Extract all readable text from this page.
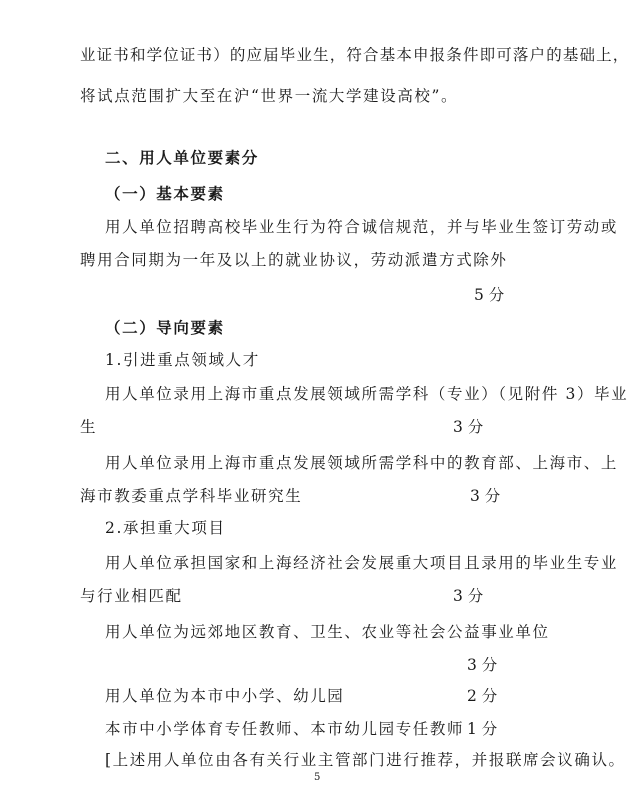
业证书和学位证书）的应届毕业生，符合基本申报条件即可落户的基础上，
将试点范围扩大至在沪“世界一流大学建设高校”。
二、用人单位要素分
（一）基本要素
用人单位招聘高校毕业生行为符合诚信规范，并与毕业生签订劳动或
聘用合同期为一年及以上的就业协议，劳动派遣方式除外
5 分
（二）导向要素
1.引进重点领域人才
用人单位录用上海市重点发展领域所需学科（专业）（见附件 3）毕业
生	3 分
用人单位录用上海市重点发展领域所需学科中的教育部、上海市、上
海市教委重点学科毕业研究生	3 分
2.承担重大项目
用人单位承担国家和上海经济社会发展重大项目且录用的毕业生专业
与行业相匹配	3 分
用人单位为远郊地区教育、卫生、农业等社会公益事业单位
3 分
用人单位为本市中小学、幼儿园	2 分
本市中小学体育专任教师、本市幼儿园专任教师 1 分
[上述用人单位由各有关行业主管部门进行推荐，并报联席会议确认。
5
